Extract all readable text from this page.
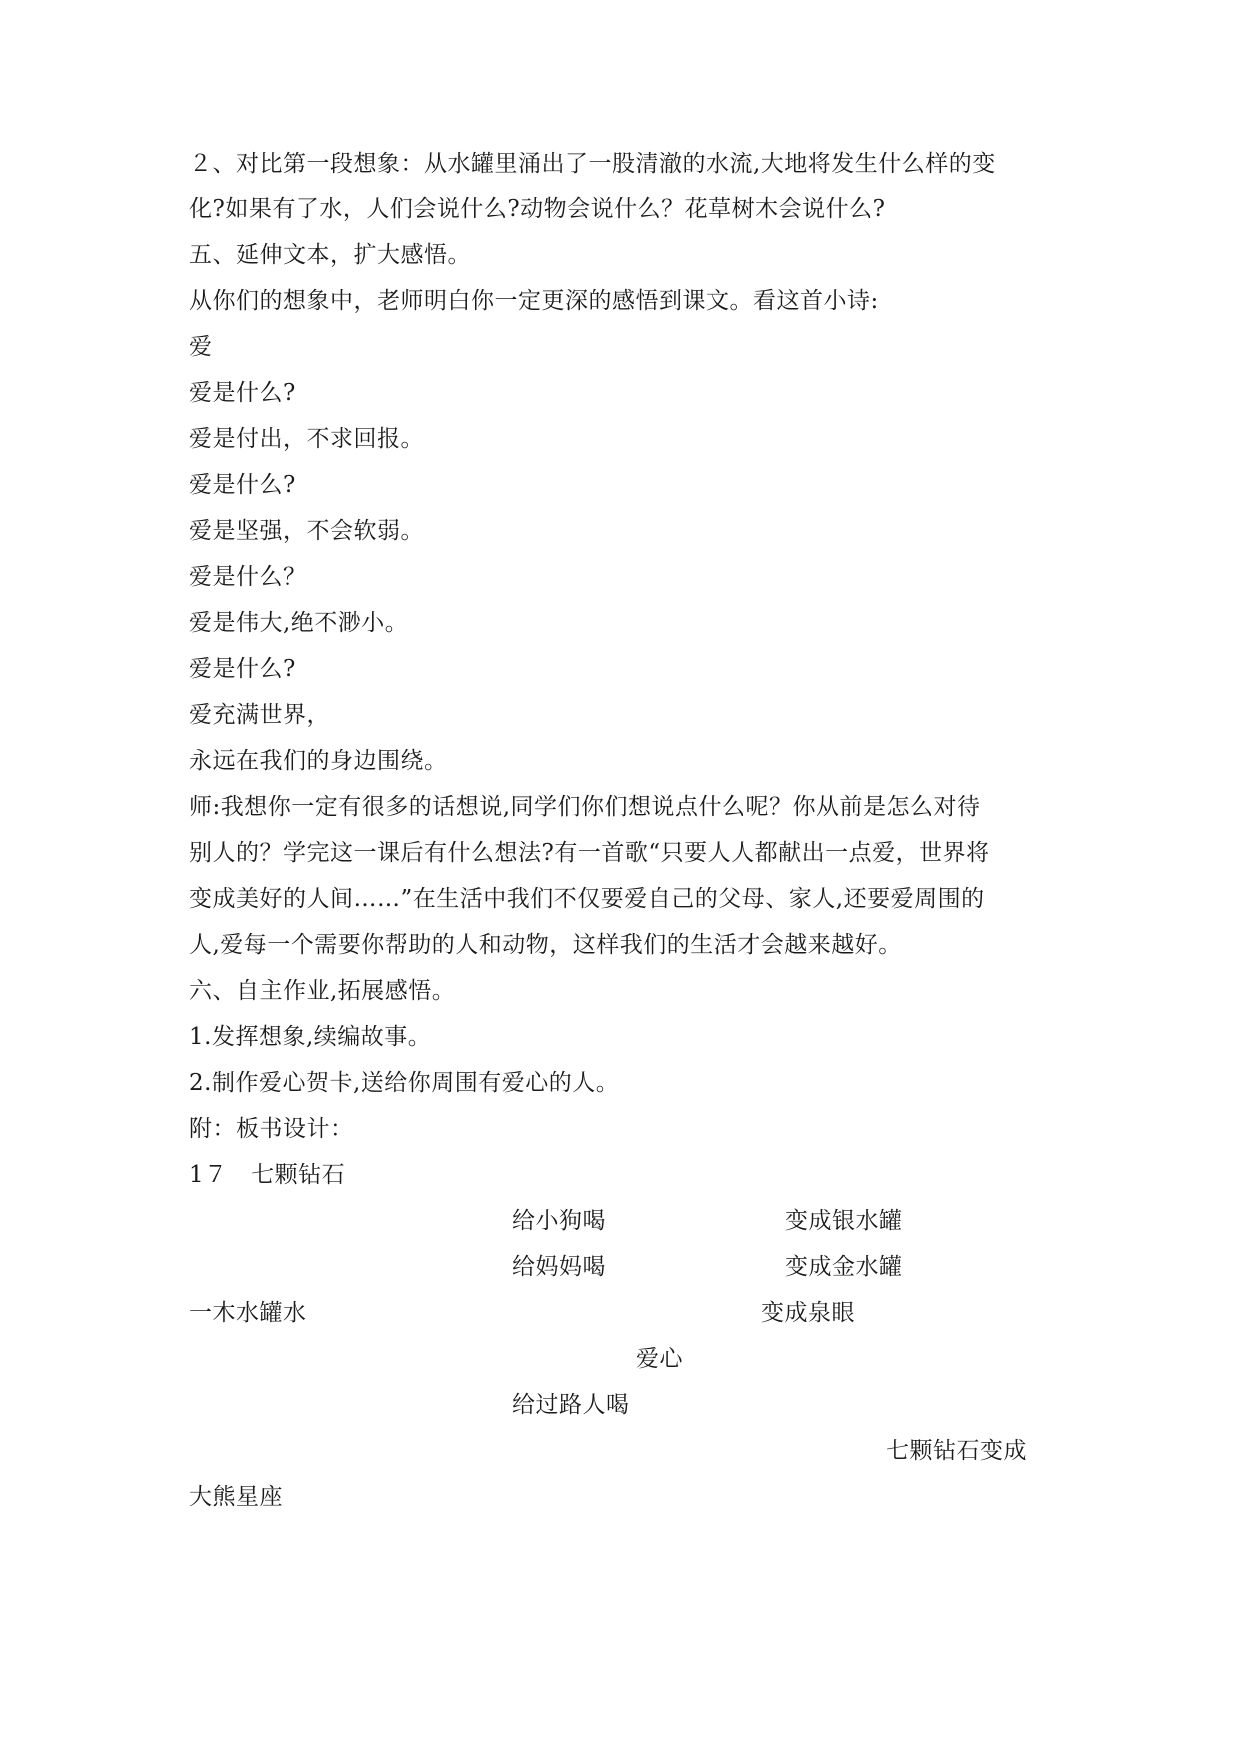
２、对比第一段想象：从水罐里涌出了一股清澈的水流,大地将发生什么样的变
化?如果有了水，人们会说什么?动物会说什么？花草树木会说什么?
五、延伸文本，扩大感悟。
从你们的想象中，老师明白你一定更深的感悟到课文。看这首小诗:
爱
爱是什么?
爱是付出，不求回报。
爱是什么?
爱是坚强，不会软弱。
爱是什么？
爱是伟大,绝不渺小。
爱是什么?
爱充满世界，
永远在我们的身边围绕。
师:我想你一定有很多的话想说,同学们你们想说点什么呢？你从前是怎么对待
别人的？学完这一课后有什么想法?有一首歌“只要人人都献出一点爱，世界将
变成美好的人间……”在生活中我们不仅要爱自己的父母、家人,还要爱周围的
人,爱每一个需要你帮助的人和动物，这样我们的生活才会越来越好。
六、自主作业,拓展感悟。
1.发挥想象,续编故事。
2.制作爱心贺卡,送给你周围有爱心的人。
附：板书设计：
1７　七颗钻石
给小狗喝	变成银水罐
给妈妈喝	变成金水罐
一木水罐水	变成泉眼
爱心
给过路人喝
七颗钻石变成
大熊星座
